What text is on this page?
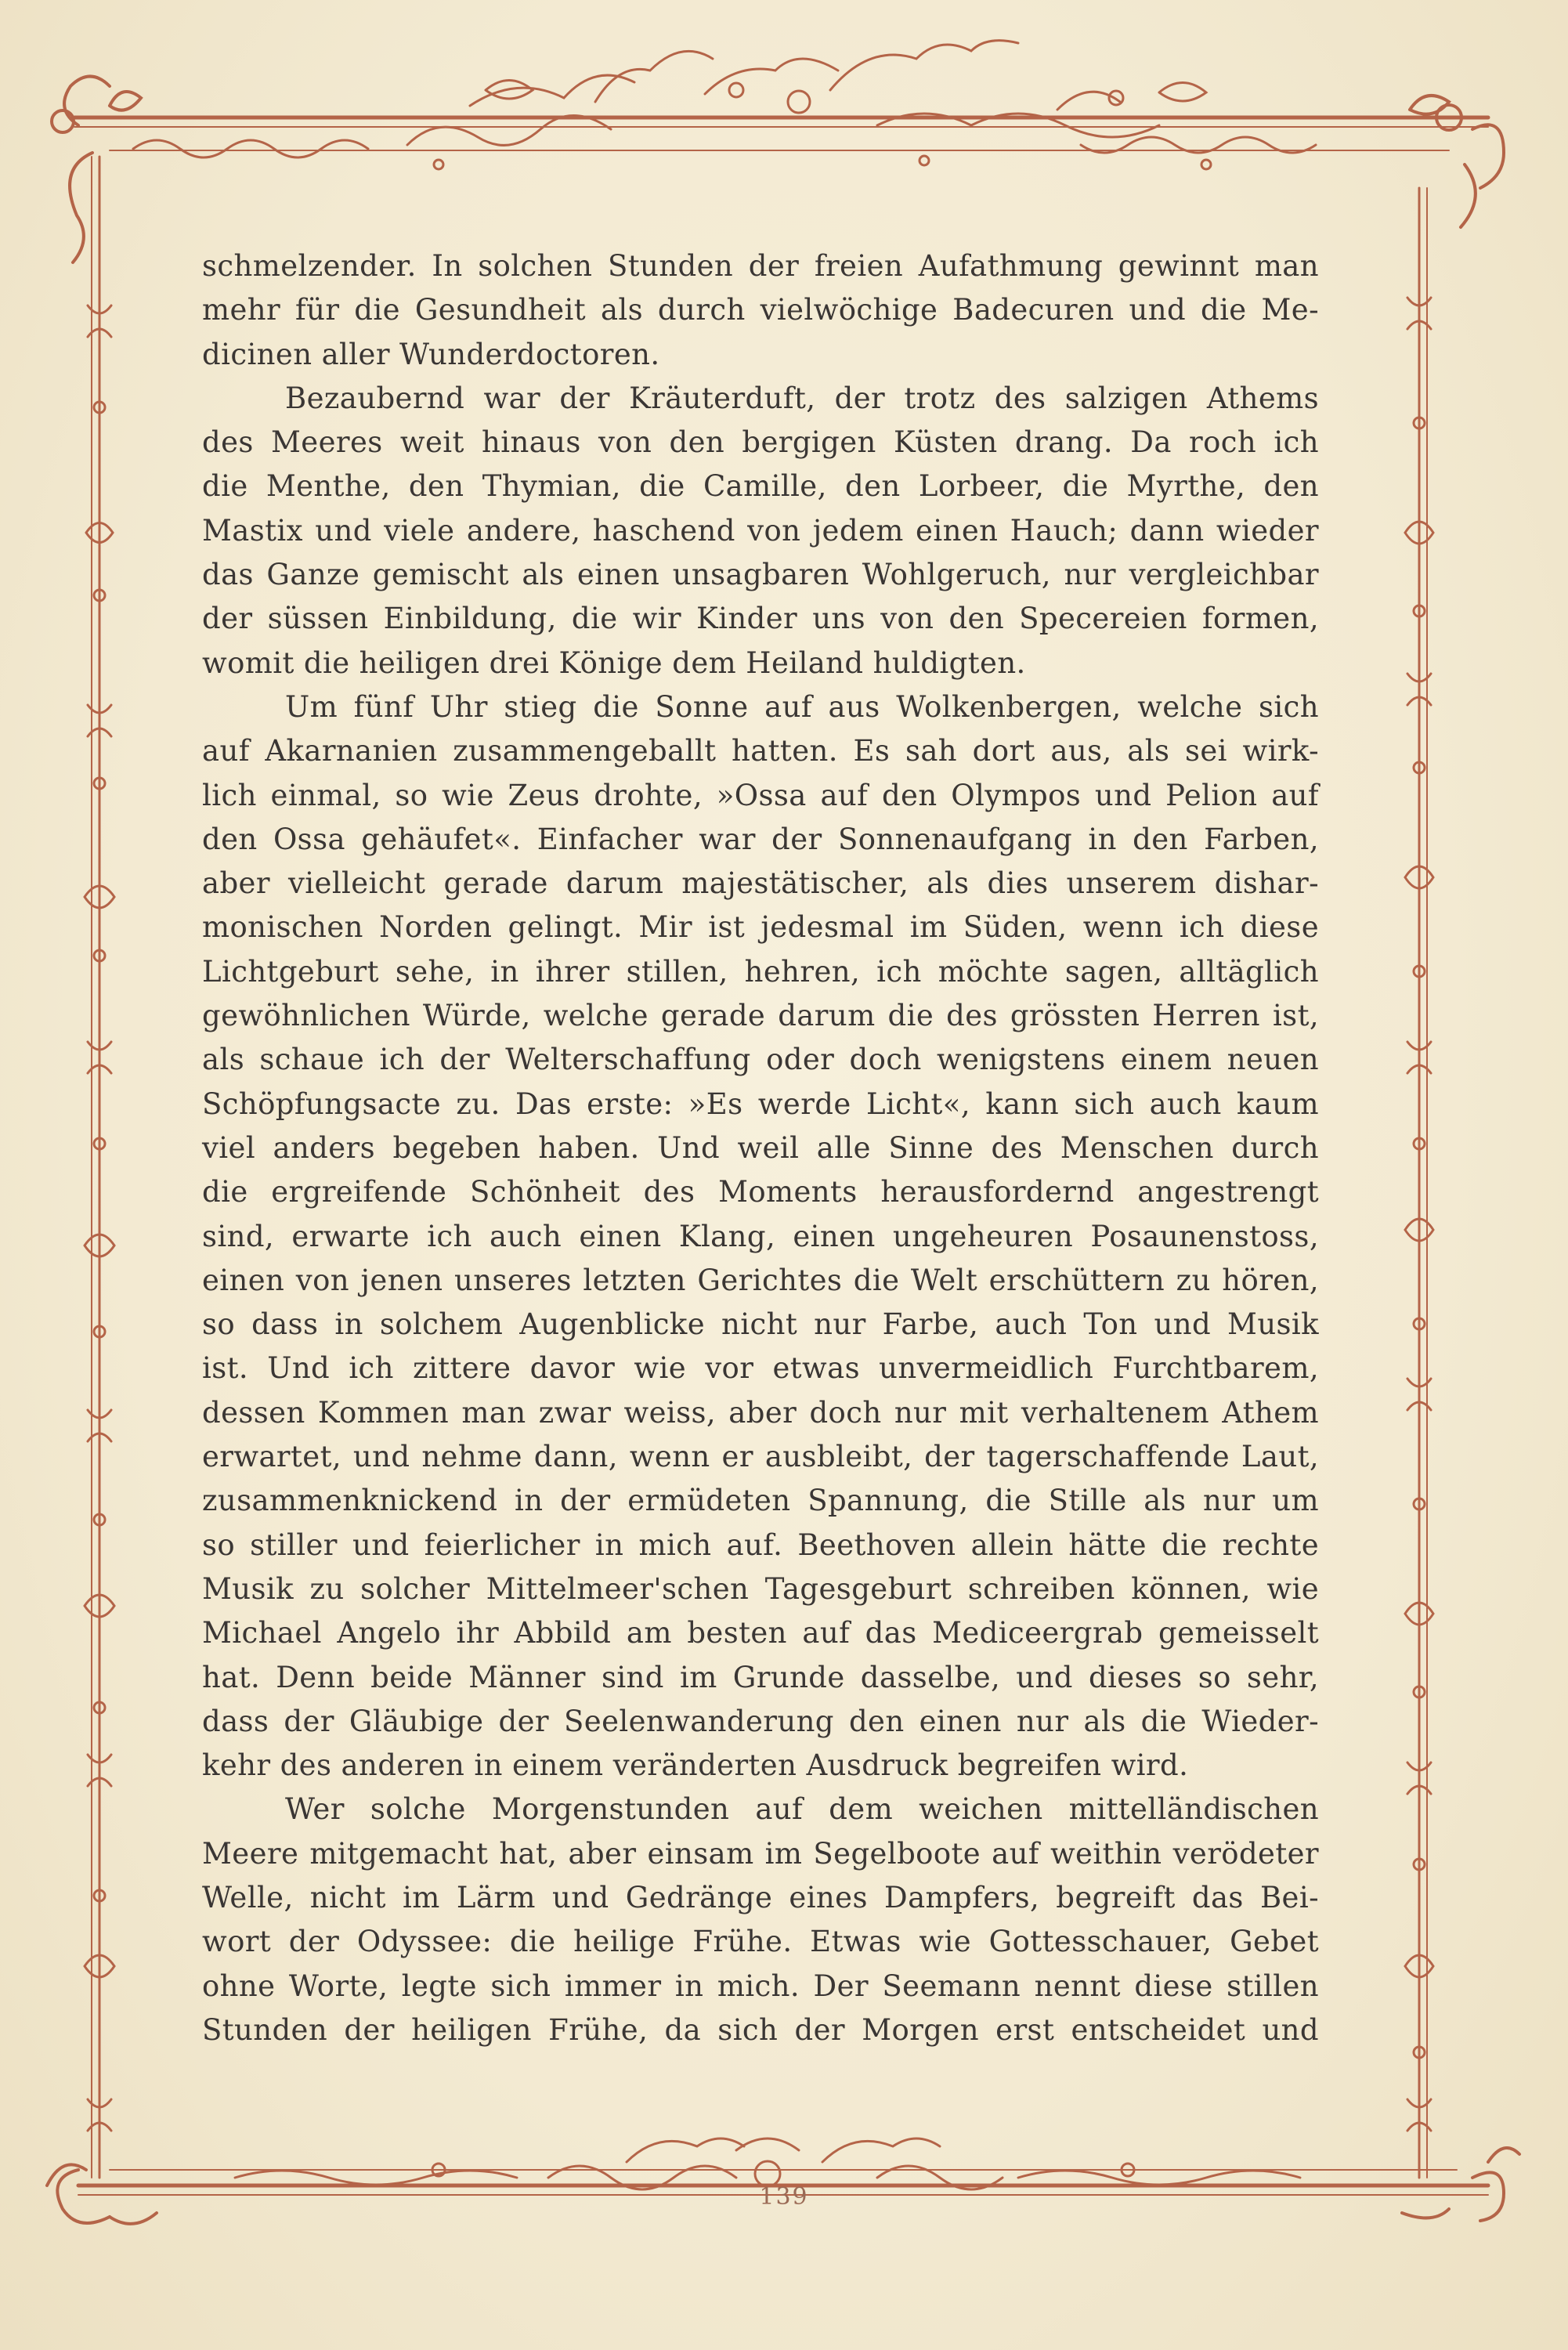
schmelzender. In solchen Stunden der freien Aufathmung gewinnt man
mehr für die Gesundheit als durch vielwöchige Badecuren und die Me-
dicinen aller Wunderdoctoren.

Bezaubernd war der Kräuterduft, der trotz des salzigen Athems
des Meeres weit hinaus von den bergigen Küsten drang. Da roch ich
die Menthe, den Thymian, die Camille, den Lorbeer, die Myrthe, den
Mastix und viele andere, haschend von jedem einen Hauch; dann wieder
das Ganze gemischt als einen unsagbaren Wohlgeruch, nur vergleichbar
der süssen Einbildung, die wir Kinder uns von den Specereien formen,
womit die heiligen drei Könige dem Heiland huldigten.

Um fünf Uhr stieg die Sonne auf aus Wolkenbergen, welche sich
auf Akarnanien zusammengeballt hatten. Es sah dort aus, als sei wirk-
lich einmal, so wie Zeus drohte, »Ossa auf den Olympos und Pelion auf
den Ossa gehäufet«. Einfacher war der Sonnenaufgang in den Farben,
aber vielleicht gerade darum majestätischer, als dies unserem dishar-
monischen Norden gelingt. Mir ist jedesmal im Süden, wenn ich diese
Lichtgeburt sehe, in ihrer stillen, hehren, ich möchte sagen, alltäglich
gewöhnlichen Würde, welche gerade darum die des grössten Herren ist,
als schaue ich der Welterschaffung oder doch wenigstens einem neuen
Schöpfungsacte zu. Das erste: »Es werde Licht«, kann sich auch kaum
viel anders begeben haben. Und weil alle Sinne des Menschen durch
die ergreifende Schönheit des Moments herausfordernd angestrengt
sind, erwarte ich auch einen Klang, einen ungeheuren Posaunenstoss,
einen von jenen unseres letzten Gerichtes die Welt erschüttern zu hören,
so dass in solchem Augenblicke nicht nur Farbe, auch Ton und Musik
ist. Und ich zittere davor wie vor etwas unvermeidlich Furchtbarem,
dessen Kommen man zwar weiss, aber doch nur mit verhaltenem Athem
erwartet, und nehme dann, wenn er ausbleibt, der tagerschaffende Laut,
zusammenknickend in der ermüdeten Spannung, die Stille als nur um
so stiller und feierlicher in mich auf. Beethoven allein hätte die rechte
Musik zu solcher Mittelmeer'schen Tagesgeburt schreiben können, wie
Michael Angelo ihr Abbild am besten auf das Mediceergrab gemeisselt
hat. Denn beide Männer sind im Grunde dasselbe, und dieses so sehr,
dass der Gläubige der Seelenwanderung den einen nur als die Wieder-
kehr des anderen in einem veränderten Ausdruck begreifen wird.

Wer solche Morgenstunden auf dem weichen mittelländischen
Meere mitgemacht hat, aber einsam im Segelboote auf weithin verödeter
Welle, nicht im Lärm und Gedränge eines Dampfers, begreift das Bei-
wort der Odyssee: die heilige Frühe. Etwas wie Gottesschauer, Gebet
ohne Worte, legte sich immer in mich. Der Seemann nennt diese stillen
Stunden der heiligen Frühe, da sich der Morgen erst entscheidet und

139
